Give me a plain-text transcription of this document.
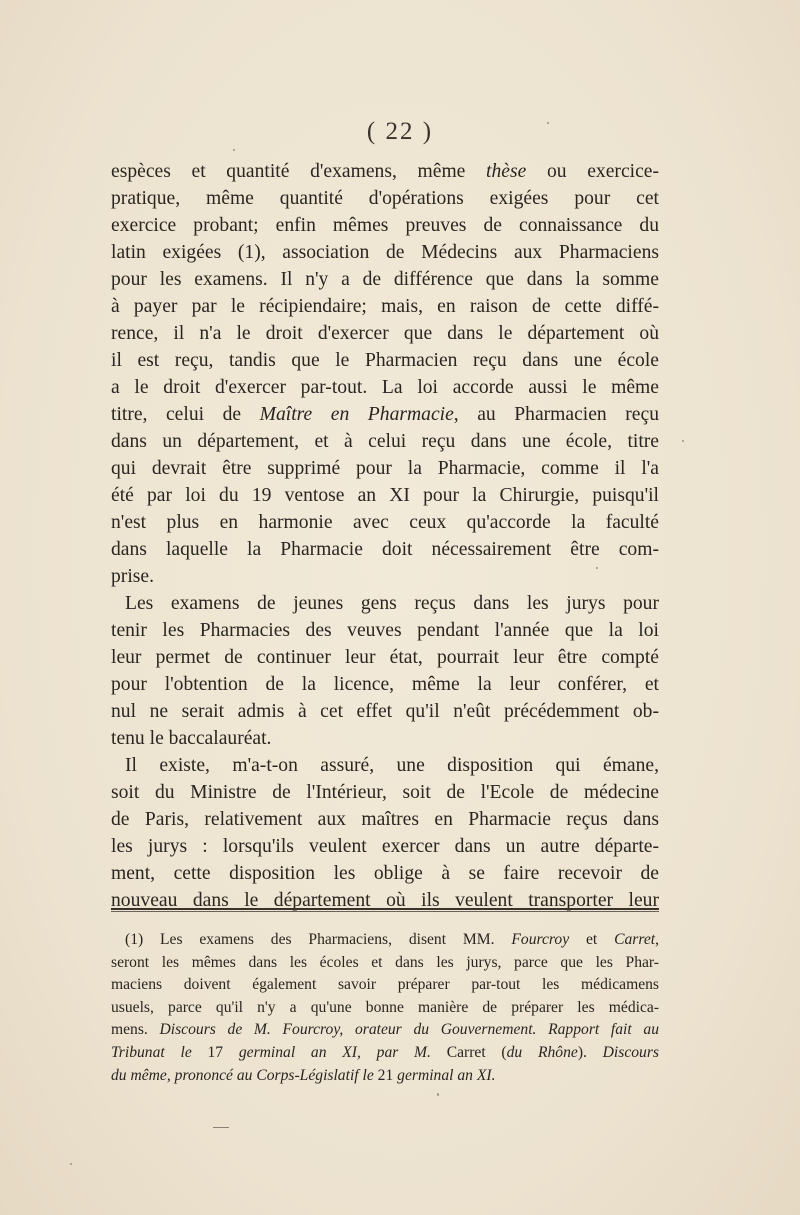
( 22 )
espèces et quantité d'examens, même thèse ou exercice-
pratique, même quantité d'opérations exigées pour cet
exercice probant; enfin mêmes preuves de connaissance du
latin exigées (1), association de Médecins aux Pharmaciens
pour les examens. Il n'y a de différence que dans la somme
à payer par le récipiendaire; mais, en raison de cette diffé-
rence, il n'a le droit d'exercer que dans le département où
il est reçu, tandis que le Pharmacien reçu dans une école
a le droit d'exercer par-tout. La loi accorde aussi le même
titre, celui de Maître en Pharmacie, au Pharmacien reçu
dans un département, et à celui reçu dans une école, titre
qui devrait être supprimé pour la Pharmacie, comme il l'a
été par loi du 19 ventose an XI pour la Chirurgie, puisqu'il
n'est plus en harmonie avec ceux qu'accorde la faculté
dans laquelle la Pharmacie doit nécessairement être com-
prise.
Les examens de jeunes gens reçus dans les jurys pour
tenir les Pharmacies des veuves pendant l'année que la loi
leur permet de continuer leur état, pourrait leur être compté
pour l'obtention de la licence, même la leur conférer, et
nul ne serait admis à cet effet qu'il n'eût précédemment ob-
tenu le baccalauréat.
Il existe, m'a-t-on assuré, une disposition qui émane,
soit du Ministre de l'Intérieur, soit de l'Ecole de médecine
de Paris, relativement aux maîtres en Pharmacie reçus dans
les jurys : lorsqu'ils veulent exercer dans un autre départe-
ment, cette disposition les oblige à se faire recevoir de
nouveau dans le département où ils veulent transporter leur
(1) Les examens des Pharmaciens, disent MM. Fourcroy et Carret,
seront les mêmes dans les écoles et dans les jurys, parce que les Phar-
maciens doivent également savoir préparer par-tout les médicamens
usuels, parce qu'il n'y a qu'une bonne manière de préparer les médica-
mens. Discours de M. Fourcroy, orateur du Gouvernement. Rapport fait au
Tribunat le 17 germinal an XI, par M. Carret (du Rhône). Discours
du même, prononcé au Corps-Législatif le 21 germinal an XI.
